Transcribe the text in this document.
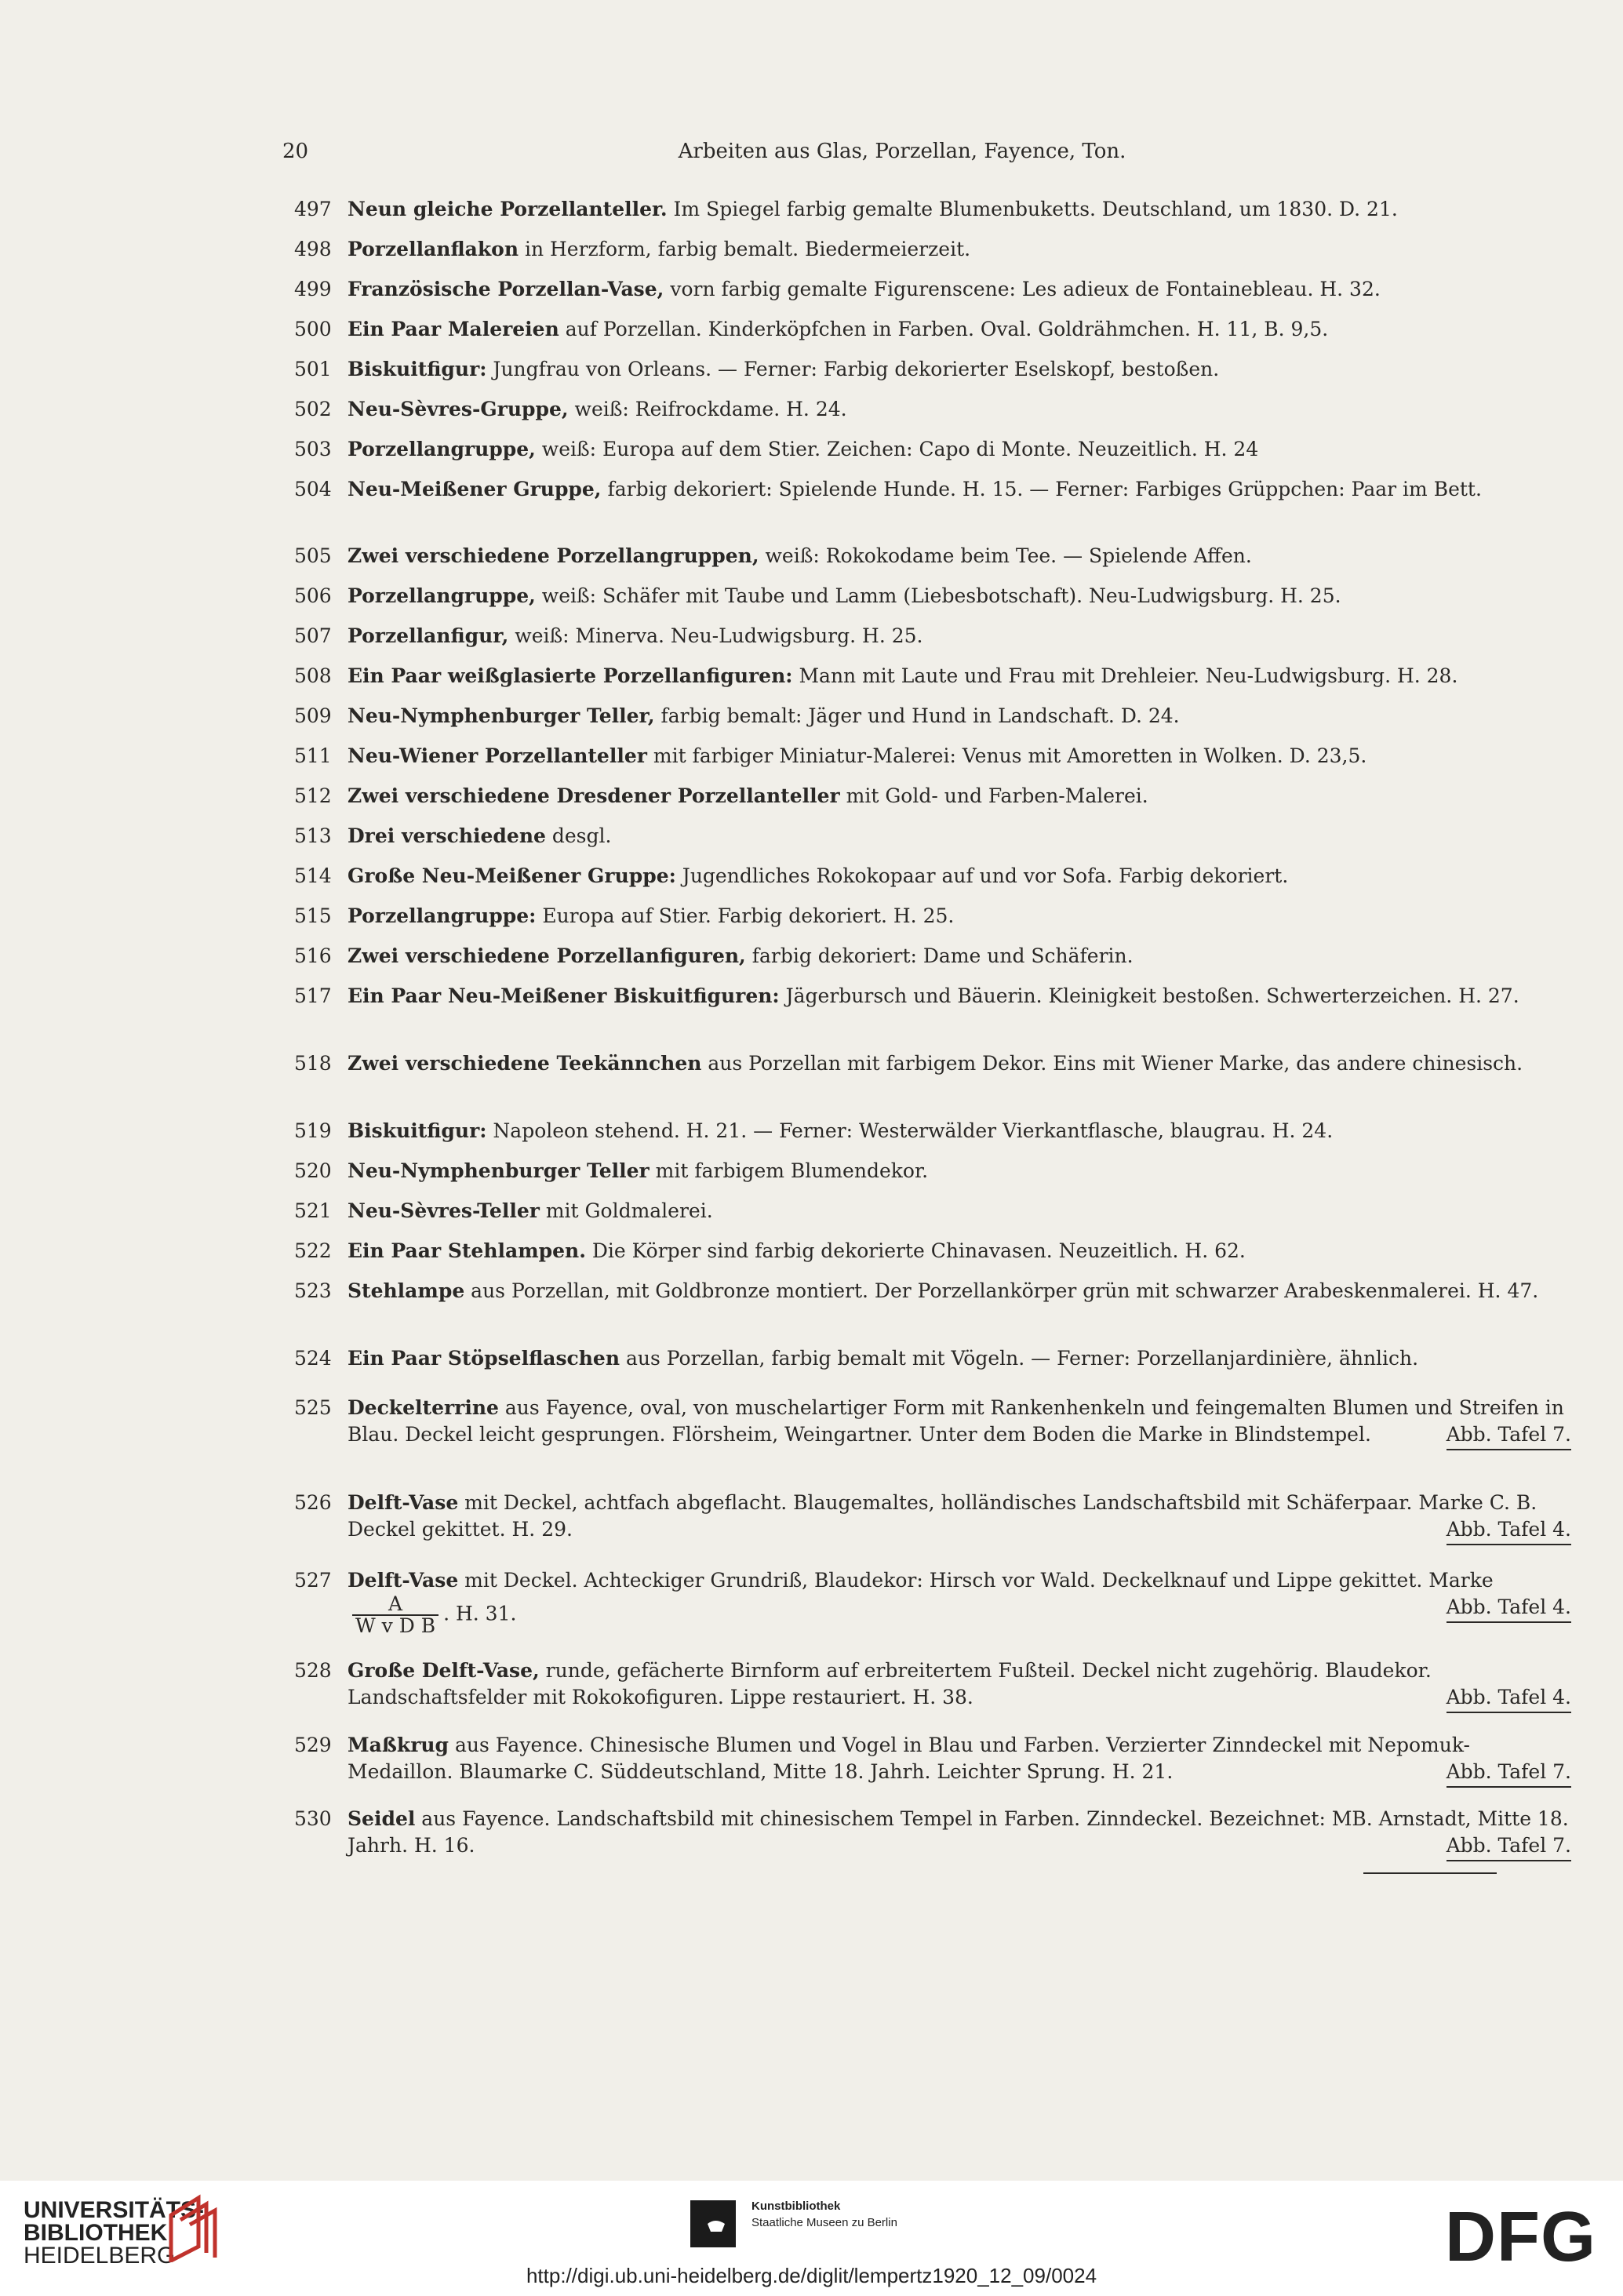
20	Arbeiten aus Glas, Porzellan, Fayence, Ton.
497 Neun gleiche Porzellanteller. Im Spiegel farbig gemalte Blumenbuketts. Deutschland, um 1830. D. 21.
498 Porzellanflakon in Herzform, farbig bemalt. Biedermeierzeit.
499 Französische Porzellan-Vase, vorn farbig gemalte Figurenscene: Les adieux de Fontainebleau. H. 32.
500 Ein Paar Malereien auf Porzellan. Kinderköpfchen in Farben. Oval. Goldrähmchen. H. 11, B. 9,5.
501 Biskuitfigur: Jungfrau von Orleans. — Ferner: Farbig dekorierter Eselskopf, bestoßen.
502 Neu-Sèvres-Gruppe, weiß: Reifrockdame. H. 24.
503 Porzellangruppe, weiß: Europa auf dem Stier. Zeichen: Capo di Monte. Neuzeitlich. H. 24
504 Neu-Meißener Gruppe, farbig dekoriert: Spielende Hunde. H. 15. — Ferner: Farbiges Grüppchen: Paar im Bett.
505 Zwei verschiedene Porzellangruppen, weiß: Rokokodame beim Tee. — Spielende Affen.
506 Porzellangruppe, weiß: Schäfer mit Taube und Lamm (Liebesbotschaft). Neu-Ludwigsburg. H. 25.
507 Porzellanfigur, weiß: Minerva. Neu-Ludwigsburg. H. 25.
508 Ein Paar weißglasierte Porzellanfiguren: Mann mit Laute und Frau mit Drehleier. Neu-Ludwigsburg. H. 28.
509 Neu-Nymphenburger Teller, farbig bemalt: Jäger und Hund in Landschaft. D. 24.
511 Neu-Wiener Porzellanteller mit farbiger Miniatur-Malerei: Venus mit Amoretten in Wolken. D. 23,5.
512 Zwei verschiedene Dresdener Porzellanteller mit Gold- und Farben-Malerei.
513 Drei verschiedene desgl.
514 Große Neu-Meißener Gruppe: Jugendliches Rokokopaar auf und vor Sofa. Farbig dekoriert.
515 Porzellangruppe: Europa auf Stier. Farbig dekoriert. H. 25.
516 Zwei verschiedene Porzellanfiguren, farbig dekoriert: Dame und Schäferin.
517 Ein Paar Neu-Meißener Biskuitfiguren: Jägerbursch und Bäuerin. Kleinigkeit bestoßen. Schwerterzeichen. H. 27.
518 Zwei verschiedene Teekännchen aus Porzellan mit farbigem Dekor. Eins mit Wiener Marke, das andere chinesisch.
519 Biskuitfigur: Napoleon stehend. H. 21. — Ferner: Westerwälder Vierkantflasche, blaugrau. H. 24.
520 Neu-Nymphenburger Teller mit farbigem Blumendekor.
521 Neu-Sèvres-Teller mit Goldmalerei.
522 Ein Paar Stehlampen. Die Körper sind farbig dekorierte Chinavasen. Neuzeitlich. H. 62.
523 Stehlampe aus Porzellan, mit Goldbronze montiert. Der Porzellankörper grün mit schwarzer Arabeskenmalerei. H. 47.
524 Ein Paar Stöpselflaschen aus Porzellan, farbig bemalt mit Vögeln. — Ferner: Porzellanjardinière, ähnlich.
525 Deckelterrine aus Fayence, oval, von muschelartiger Form mit Rankenhenkeln und feingemalten Blumen und Streifen in Blau. Deckel leicht gesprungen. Flörsheim, Weingartner. Unter dem Boden die Marke in Blindstempel.	Abb. Tafel 7.
526 Delft-Vase mit Deckel, achtfach abgeflacht. Blaugemaltes, holländisches Landschaftsbild mit Schäferpaar. Marke C. B. Deckel gekittet. H. 29.	Abb. Tafel 4.
527 Delft-Vase mit Deckel. Achteckiger Grundriß, Blaudekor: Hirsch vor Wald. Deckelknauf und Lippe gekittet. Marke
$\frac{A}{\text{W v D B}}$ . H. 31.	Abb. Tafel 4.
528 Große Delft-Vase, runde, gefächerte Birnform auf erbreitertem Fußteil. Deckel nicht zugehörig. Blaudekor. Landschaftsfelder mit Rokokofiguren. Lippe restauriert. H. 38.	Abb. Tafel 4.
529 Maßkrug aus Fayence. Chinesische Blumen und Vogel in Blau und Farben. Verzierter Zinndeckel mit Nepomuk-Medaillon. Blaumarke C. Süddeutschland, Mitte 18. Jahrh. Leichter Sprung. H. 21.	Abb. Tafel 7.
530 Seidel aus Fayence. Landschaftsbild mit chinesischem Tempel in Farben. Zinndeckel. Bezeichnet: MB. Arnstadt, Mitte 18. Jahrh. H. 16.	Abb. Tafel 7.
UNIVERSITÄTS-
BIBLIOTHEK
HEIDELBERG
Kunstbibliothek
Staatliche Museen zu Berlin	DFG
http://digi.ub.uni-heidelberg.de/diglit/lempertz1920_12_09/0024
